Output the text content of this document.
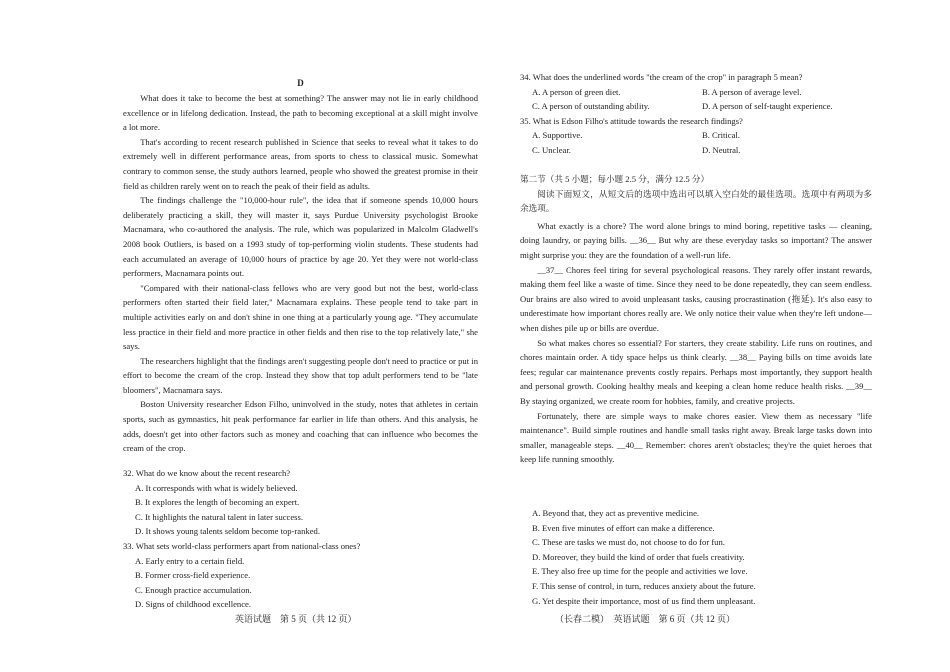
D

What does it take to become the best at something? The answer may not lie in early childhood excellence or in lifelong dedication. Instead, the path to becoming exceptional at a skill might involve a lot more.

That's according to recent research published in Science that seeks to reveal what it takes to do extremely well in different performance areas, from sports to chess to classical music. Somewhat contrary to common sense, the study authors learned, people who showed the greatest promise in their field as children rarely went on to reach the peak of their field as adults.

The findings challenge the "10,000-hour rule", the idea that if someone spends 10,000 hours deliberately practicing a skill, they will master it, says Purdue University psychologist Brooke Macnamara, who co-authored the analysis. The rule, which was popularized in Malcolm Gladwell's 2008 book Outliers, is based on a 1993 study of top-performing violin students. These students had each accumulated an average of 10,000 hours of practice by age 20. Yet they were not world-class performers, Macnamara points out.

"Compared with their national-class fellows who are very good but not the best, world-class performers often started their field later," Macnamara explains. These people tend to take part in multiple activities early on and don't shine in one thing at a particularly young age. "They accumulate less practice in their field and more practice in other fields and then rise to the top relatively late," she says.

The researchers highlight that the findings aren't suggesting people don't need to practice or put in effort to become the cream of the crop. Instead they show that top adult performers tend to be "late bloomers", Macnamara says.

Boston University researcher Edson Filho, uninvolved in the study, notes that athletes in certain sports, such as gymnastics, hit peak performance far earlier in life than others. And this analysis, he adds, doesn't get into other factors such as money and coaching that can influence who becomes the cream of the crop.

32. What do we know about the recent research?

A. It corresponds with what is widely believed.

B. It explores the length of becoming an expert.

C. It highlights the natural talent in later success.

D. It shows young talents seldom become top-ranked.

33. What sets world-class performers apart from national-class ones?

A. Early entry to a certain field.

B. Former cross-field experience.

C. Enough practice accumulation.

D. Signs of childhood excellence.

英语试题　第 5 页（共 12 页）

34. What does the underlined words "the cream of the crop" in paragraph 5 mean?

A. A person of green diet.	B. A person of average level.
C. A person of outstanding ability.	D. A person of self-taught experience.

35. What is Edson Filho's attitude towards the research findings?

A. Supportive.	B. Critical.
C. Unclear.	D. Neutral.

第二节（共 5 小题；每小题 2.5 分，满分 12.5 分）

阅读下面短文，从短文后的选项中选出可以填入空白处的最佳选项。选项中有两项为多余选项。

What exactly is a chore? The word alone brings to mind boring, repetitive tasks — cleaning, doing laundry, or paying bills. __36__ But why are these everyday tasks so important? The answer might surprise you: they are the foundation of a well-run life.

__37__ Chores feel tiring for several psychological reasons. They rarely offer instant rewards, making them feel like a waste of time. Since they need to be done repeatedly, they can seem endless. Our brains are also wired to avoid unpleasant tasks, causing procrastination (拖延). It's also easy to underestimate how important chores really are. We only notice their value when they're left undone—when dishes pile up or bills are overdue.

So what makes chores so essential? For starters, they create stability. Life runs on routines, and chores maintain order. A tidy space helps us think clearly. __38__ Paying bills on time avoids late fees; regular car maintenance prevents costly repairs. Perhaps most importantly, they support health and personal growth. Cooking healthy meals and keeping a clean home reduce health risks. __39__ By staying organized, we create room for hobbies, family, and creative projects.

Fortunately, there are simple ways to make chores easier. View them as necessary "life maintenance". Build simple routines and handle small tasks right away. Break large tasks down into smaller, manageable steps. __40__ Remember: chores aren't obstacles; they're the quiet heroes that keep life running smoothly.

A. Beyond that, they act as preventive medicine.

B. Even five minutes of effort can make a difference.

C. These are tasks we must do, not choose to do for fun.

D. Moreover, they build the kind of order that fuels creativity.

E. They also free up time for the people and activities we love.

F. This sense of control, in turn, reduces anxiety about the future.

G. Yet despite their importance, most of us find them unpleasant.

（长春二模）　英语试题　第 6 页（共 12 页）
